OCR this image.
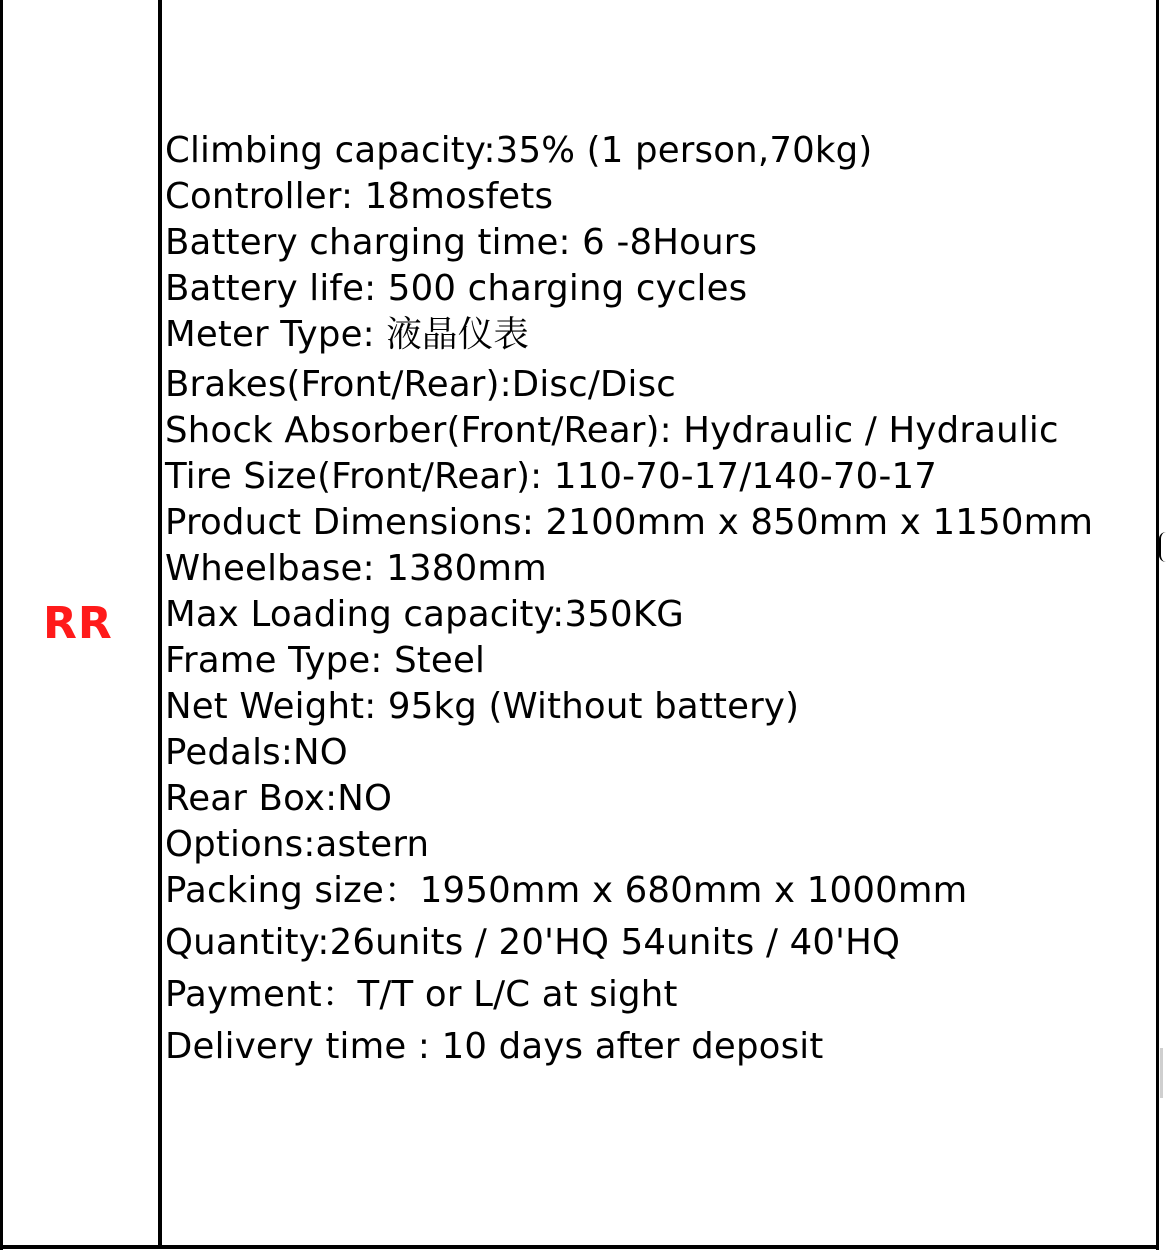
RR
Climbing capacity:35% (1 person,70kg)
Controller: 18mosfets
Battery charging time: 6 -8Hours
Battery life: 500 charging cycles
Meter Type: 液晶仪表
Brakes(Front/Rear):Disc/Disc
Shock Absorber(Front/Rear): Hydraulic / Hydraulic
Tire Size(Front/Rear): 110-70-17/140-70-17
Product Dimensions: 2100mm x 850mm x 1150mm
Wheelbase: 1380mm
Max Loading capacity:350KG
Frame Type: Steel
Net Weight: 95kg (Without battery)
Pedals:NO
Rear Box:NO
Options:astern
Packing size：1950mm x 680mm x 1000mm
Quantity:26units / 20'HQ 54units / 40'HQ
Payment：T/T or L/C at sight
Delivery time : 10 days after deposit
